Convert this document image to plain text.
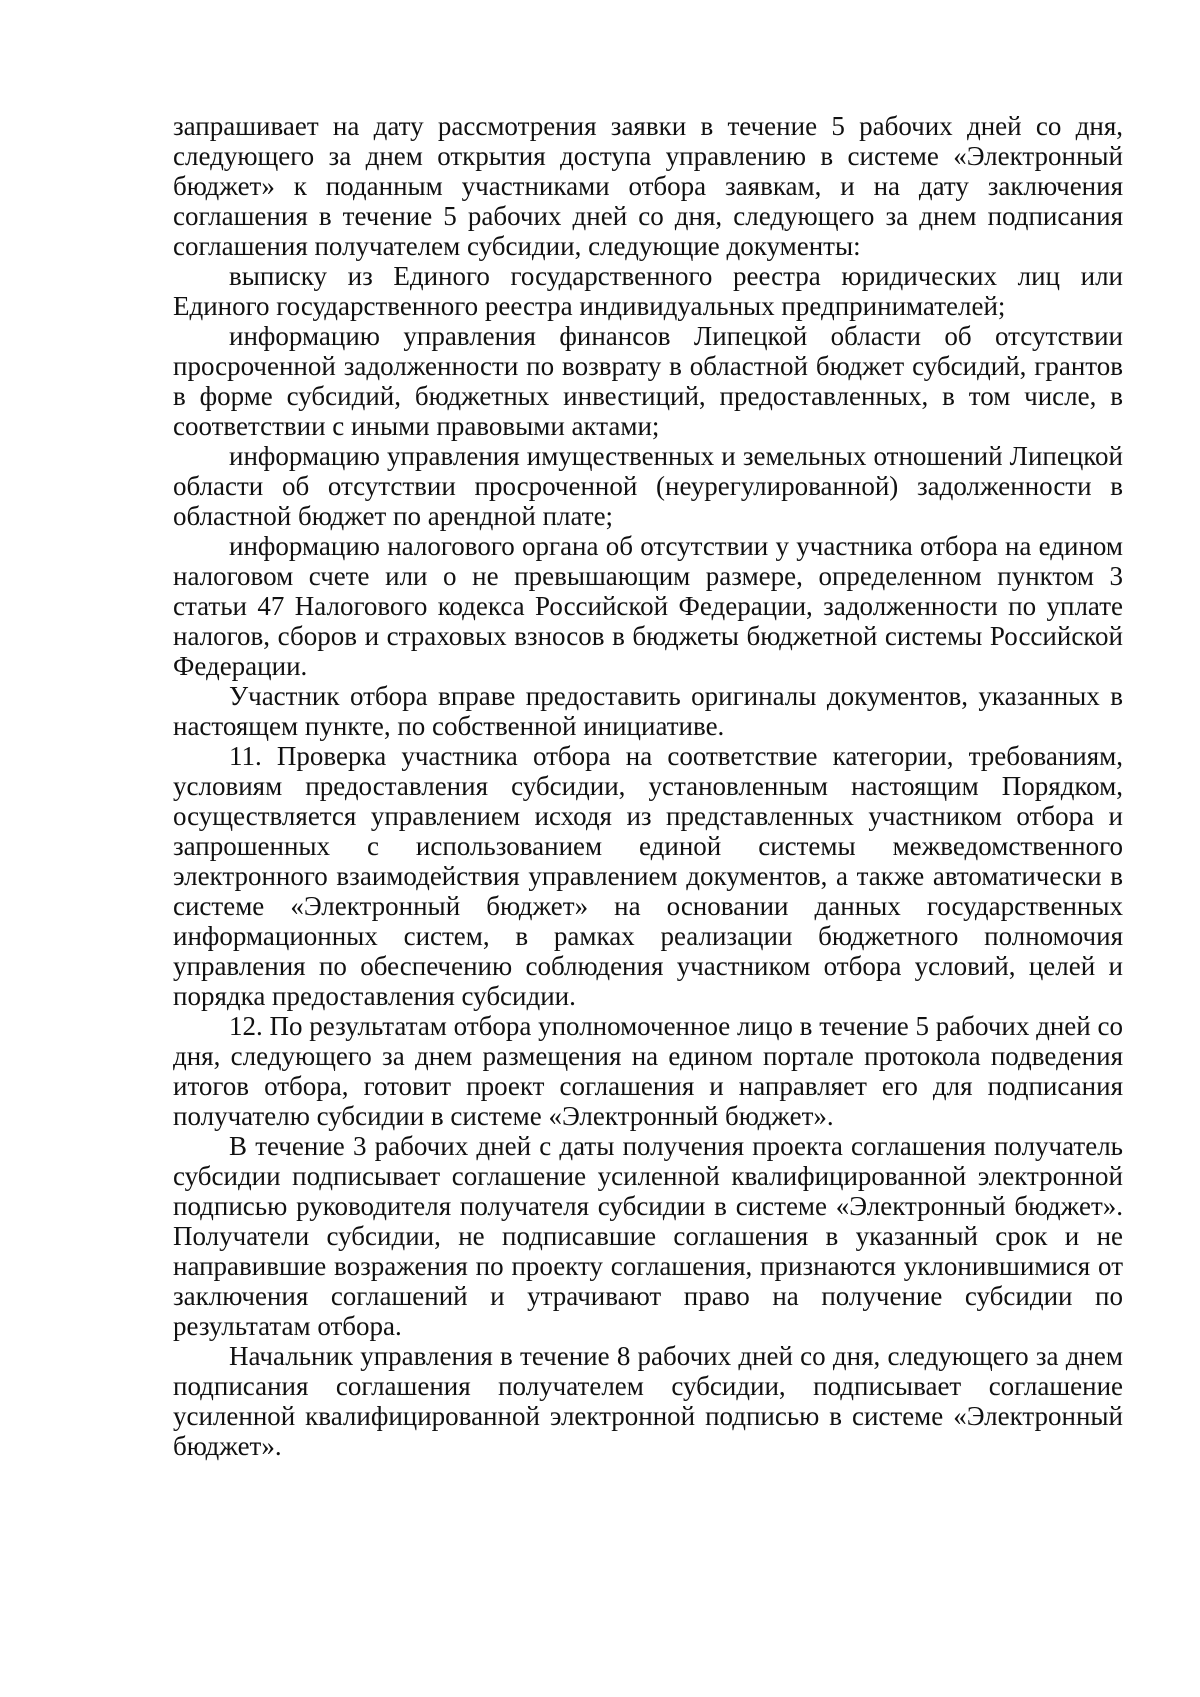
запрашивает на дату рассмотрения заявки в течение 5 рабочих дней со дня, следующего за днем открытия доступа управлению в системе «Электронный бюджет» к поданным участниками отбора заявкам, и на дату заключения соглашения в течение 5 рабочих дней со дня, следующего за днем подписания соглашения получателем субсидии, следующие документы:

выписку из Единого государственного реестра юридических лиц или Единого государственного реестра индивидуальных предпринимателей;

информацию управления финансов Липецкой области об отсутствии просроченной задолженности по возврату в областной бюджет субсидий, грантов в форме субсидий, бюджетных инвестиций, предоставленных, в том числе, в соответствии с иными правовыми актами;

информацию управления имущественных и земельных отношений Липецкой области об отсутствии просроченной (неурегулированной) задолженности в областной бюджет по арендной плате;

информацию налогового органа об отсутствии у участника отбора на едином налоговом счете или о не превышающим размере, определенном пунктом 3 статьи 47 Налогового кодекса Российской Федерации, задолженности по уплате налогов, сборов и страховых взносов в бюджеты бюджетной системы Российской Федерации.

Участник отбора вправе предоставить оригиналы документов, указанных в настоящем пункте, по собственной инициативе.

11. Проверка участника отбора на соответствие категории, требованиям, условиям предоставления субсидии, установленным настоящим Порядком, осуществляется управлением исходя из представленных участником отбора и запрошенных с использованием единой системы межведомственного электронного взаимодействия управлением документов, а также автоматически в системе «Электронный бюджет» на основании данных государственных информационных систем, в рамках реализации бюджетного полномочия управления по обеспечению соблюдения участником отбора условий, целей и порядка предоставления субсидии.

12. По результатам отбора уполномоченное лицо в течение 5 рабочих дней со дня, следующего за днем размещения на едином портале протокола подведения итогов отбора, готовит проект соглашения и направляет его для подписания получателю субсидии в системе «Электронный бюджет».

В течение 3 рабочих дней с даты получения проекта соглашения получатель субсидии подписывает соглашение усиленной квалифицированной электронной подписью руководителя получателя субсидии в системе «Электронный бюджет». Получатели субсидии, не подписавшие соглашения в указанный срок и не направившие возражения по проекту соглашения, признаются уклонившимися от заключения соглашений и утрачивают право на получение субсидии по результатам отбора.

Начальник управления в течение 8 рабочих дней со дня, следующего за днем подписания соглашения получателем субсидии, подписывает соглашение усиленной квалифицированной электронной подписью в системе «Электронный бюджет».
